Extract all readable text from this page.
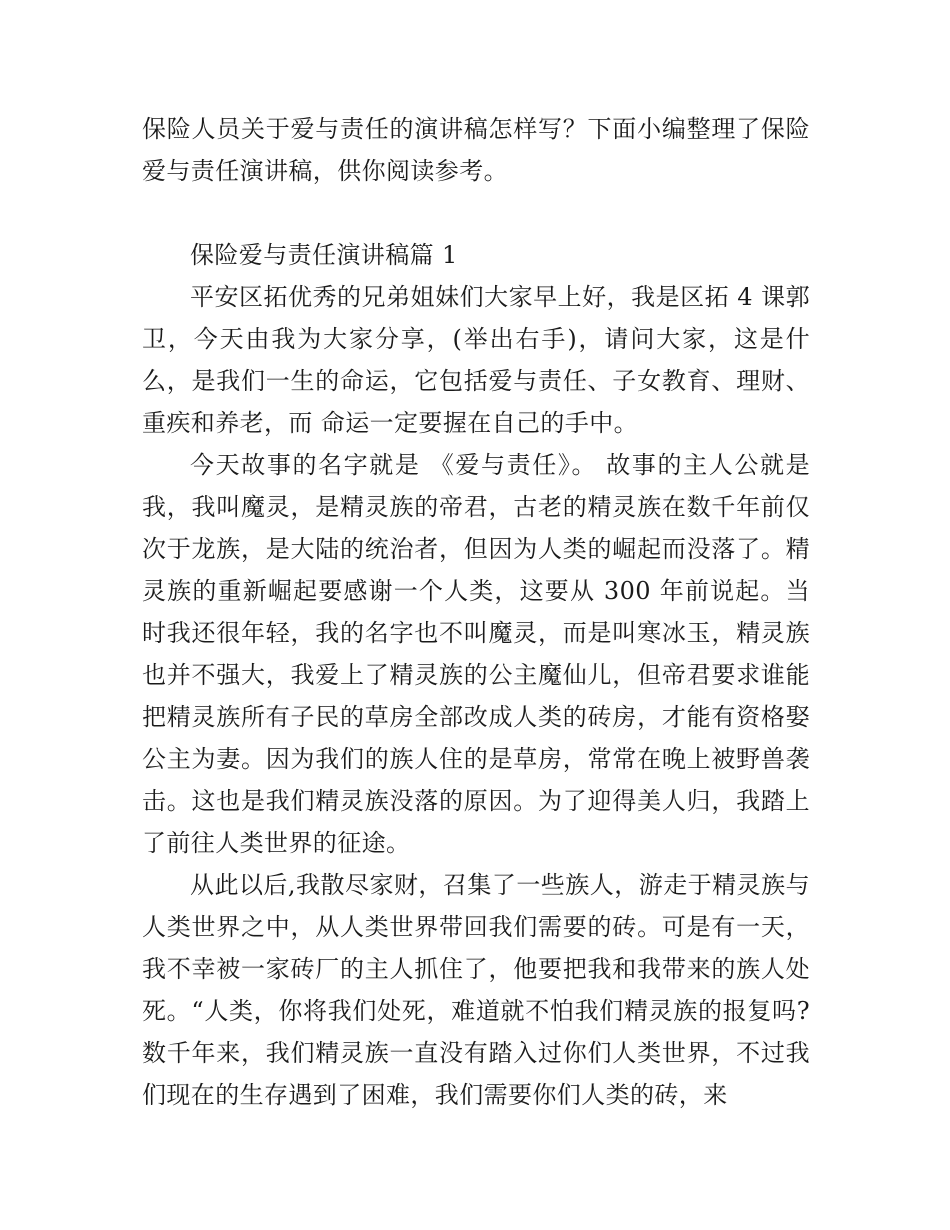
保险人员关于爱与责任的演讲稿怎样写？下面小编整理了保险爱与责任演讲稿，供你阅读参考。

保险爱与责任演讲稿篇 1

平安区拓优秀的兄弟姐妹们大家早上好，我是区拓 4 课郭卫，今天由我为大家分享，(举出右手)，请问大家，这是什么，是我们一生的命运，它包括爱与责任、子女教育、理财、重疾和养老，而 命运一定要握在自己的手中。

今天故事的名字就是 《爱与责任》。 故事的主人公就是我，我叫魔灵，是精灵族的帝君，古老的精灵族在数千年前仅次于龙族，是大陆的统治者，但因为人类的崛起而没落了。精灵族的重新崛起要感谢一个人类，这要从 300 年前说起。当时我还很年轻，我的名字也不叫魔灵，而是叫寒冰玉，精灵族也并不强大，我爱上了精灵族的公主魔仙儿，但帝君要求谁能把精灵族所有子民的草房全部改成人类的砖房，才能有资格娶公主为妻。因为我们的族人住的是草房，常常在晚上被野兽袭击。这也是我们精灵族没落的原因。为了迎得美人归，我踏上了前往人类世界的征途。

从此以后,我散尽家财，召集了一些族人，游走于精灵族与人类世界之中，从人类世界带回我们需要的砖。可是有一天，我不幸被一家砖厂的主人抓住了，他要把我和我带来的族人处死。“人类，你将我们处死，难道就不怕我们精灵族的报复吗?数千年来，我们精灵族一直没有踏入过你们人类世界，不过我们现在的生存遇到了困难，我们需要你们人类的砖，来
